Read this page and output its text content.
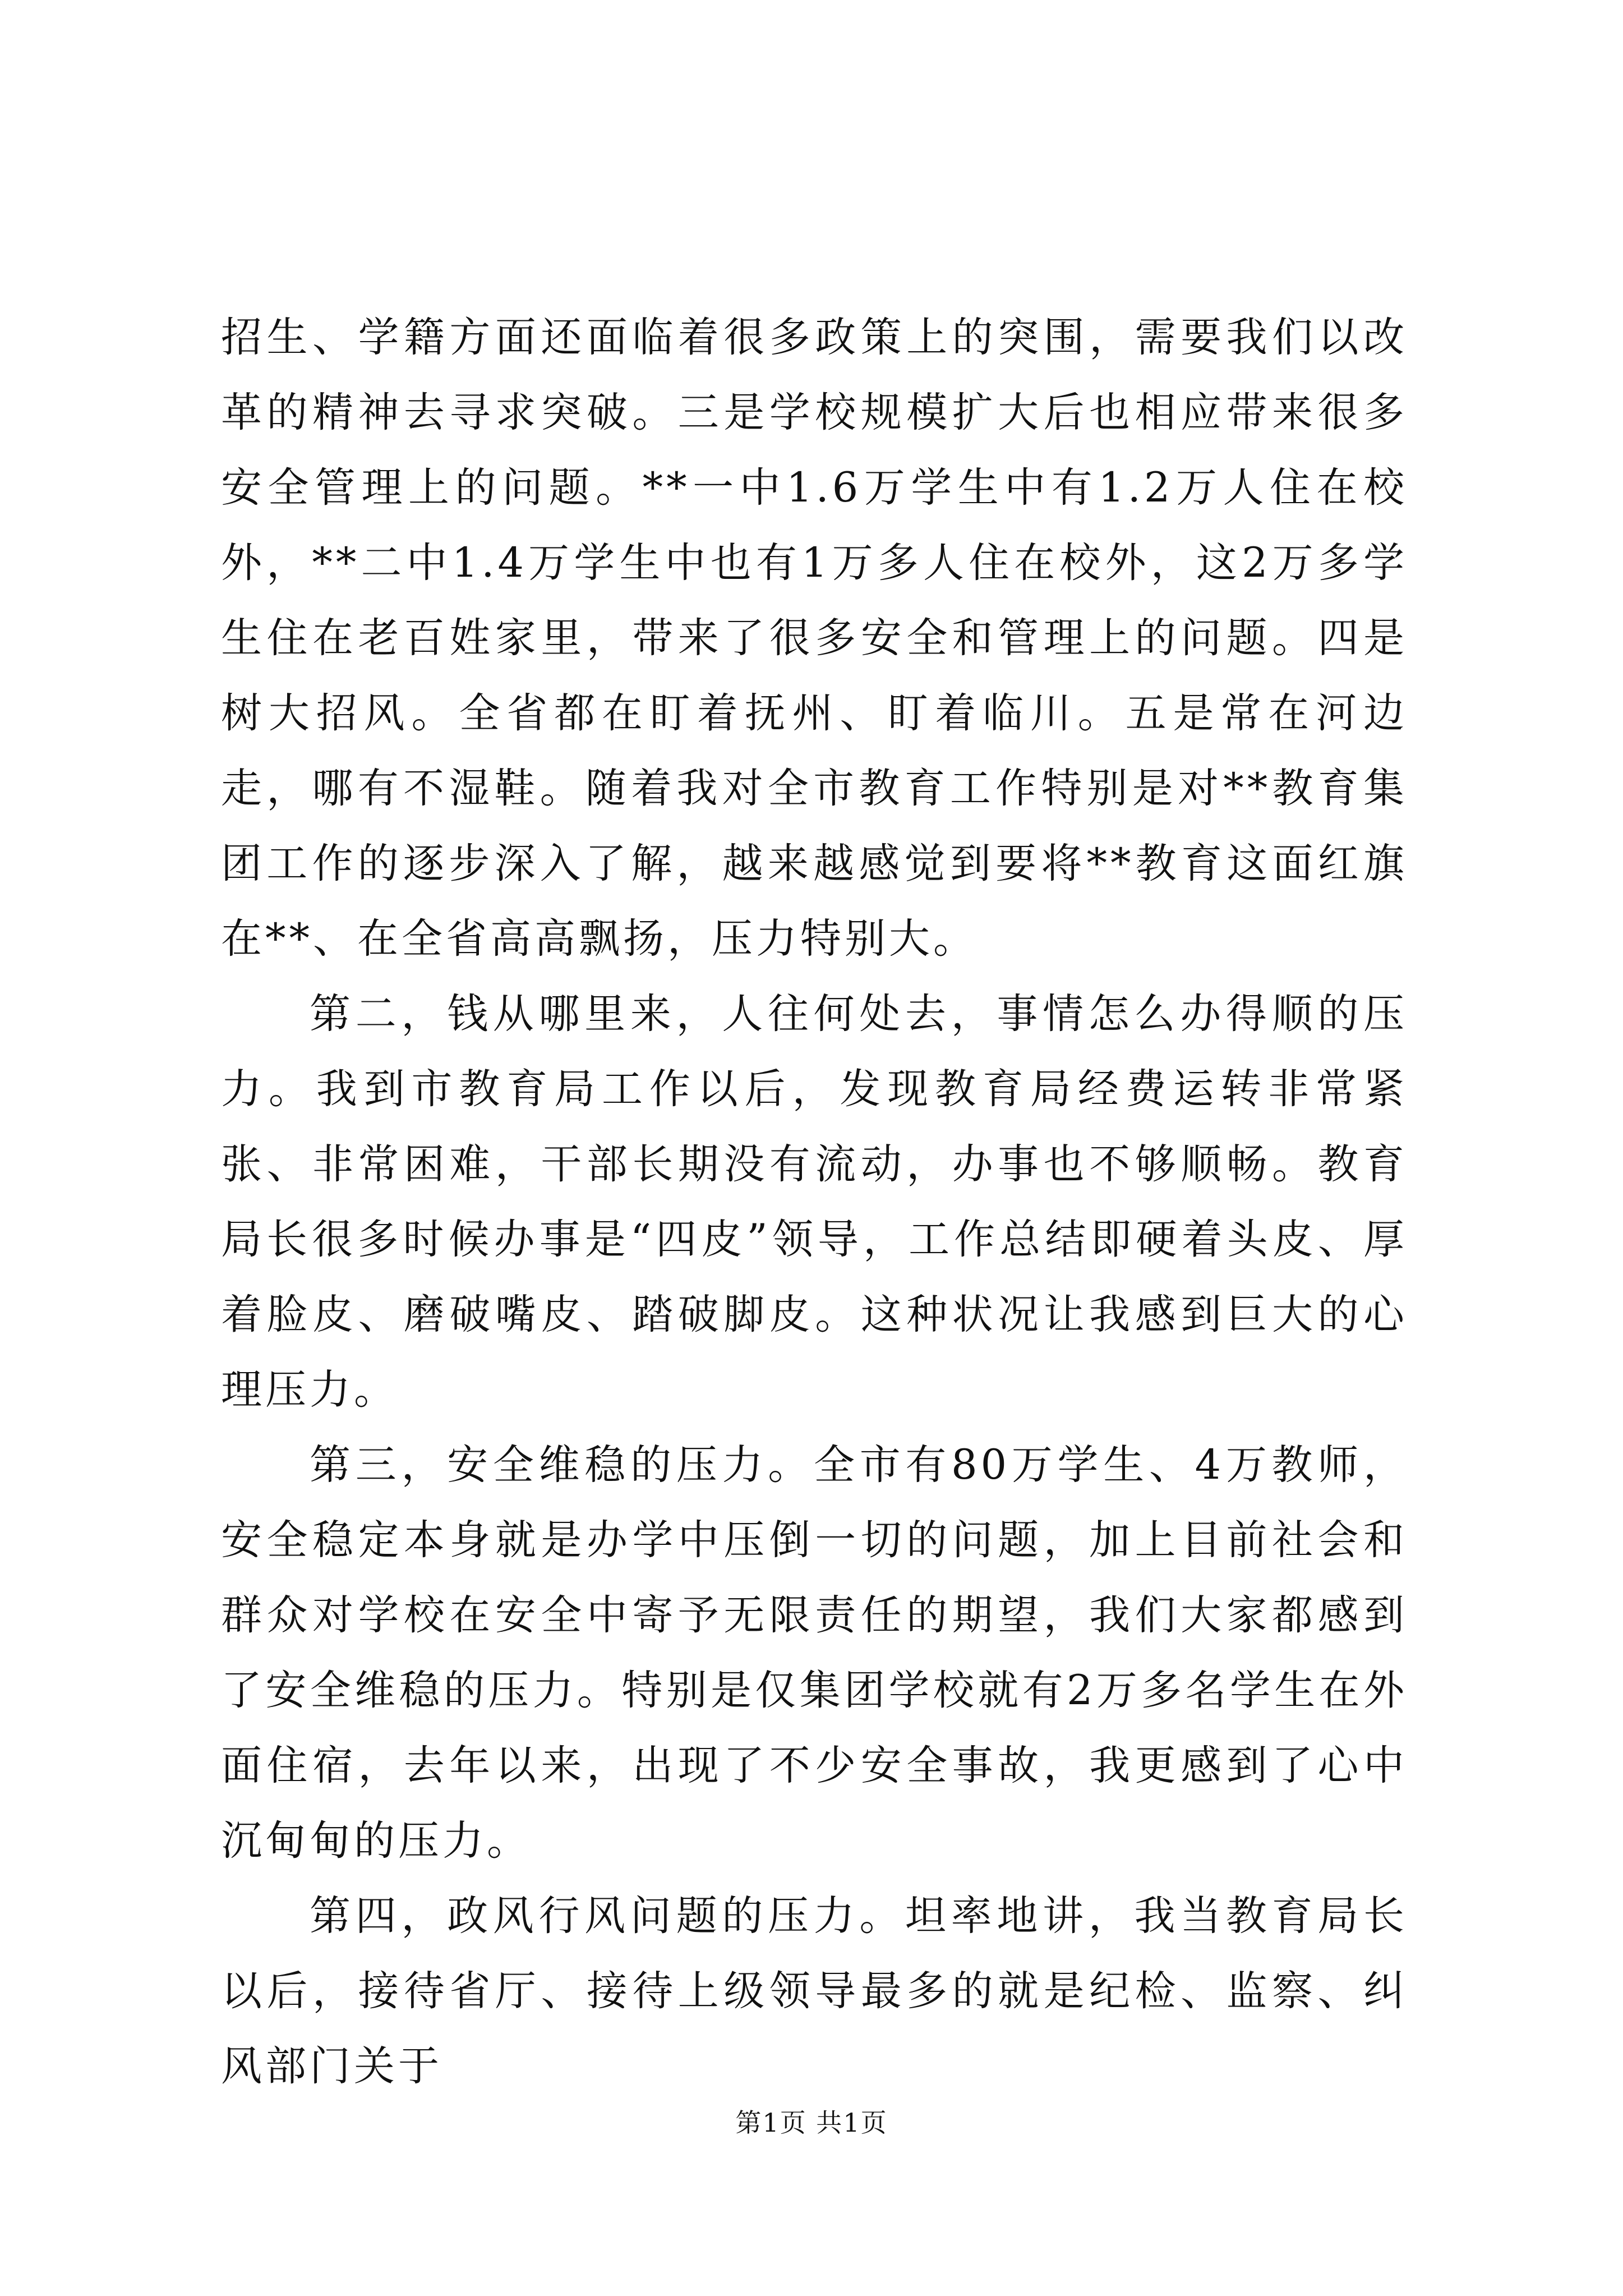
招生、学籍方面还面临着很多政策上的突围，需要我们以改革的精神去寻求突破。三是学校规模扩大后也相应带来很多安全管理上的问题。**一中1.6万学生中有1.2万人住在校外，**二中1.4万学生中也有1万多人住在校外，这2万多学生住在老百姓家里，带来了很多安全和管理上的问题。四是树大招风。全省都在盯着抚州、盯着临川。五是常在河边走，哪有不湿鞋。随着我对全市教育工作特别是对**教育集团工作的逐步深入了解，越来越感觉到要将**教育这面红旗在**、在全省高高飘扬，压力特别大。

第二，钱从哪里来，人往何处去，事情怎么办得顺的压力。我到市教育局工作以后，发现教育局经费运转非常紧张、非常困难，干部长期没有流动，办事也不够顺畅。教育局长很多时候办事是“四皮”领导，工作总结即硬着头皮、厚着脸皮、磨破嘴皮、踏破脚皮。这种状况让我感到巨大的心理压力。

第三，安全维稳的压力。全市有80万学生、4万教师，安全稳定本身就是办学中压倒一切的问题，加上目前社会和群众对学校在安全中寄予无限责任的期望，我们大家都感到了安全维稳的压力。特别是仅集团学校就有2万多名学生在外面住宿，去年以来，出现了不少安全事故，我更感到了心中沉甸甸的压力。

第四，政风行风问题的压力。坦率地讲，我当教育局长以后，接待省厅、接待上级领导最多的就是纪检、监察、纠风部门关于

第1页 共1页
